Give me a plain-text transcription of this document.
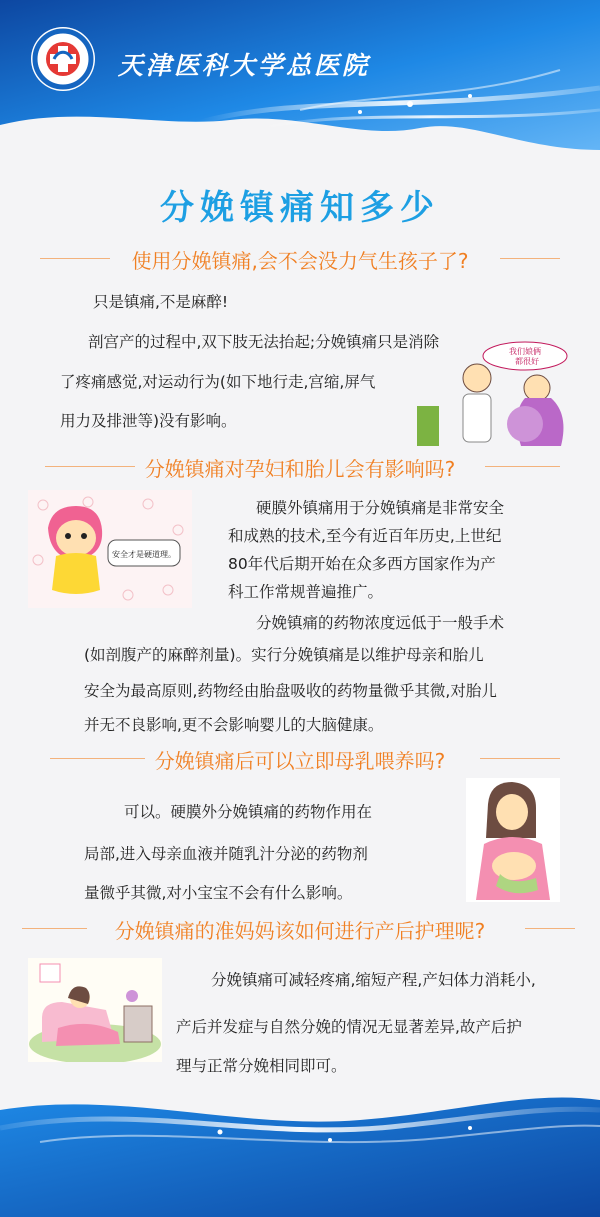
天津医科大学总医院
分娩镇痛知多少
使用分娩镇痛,会不会没力气生孩子了?
只是镇痛,不是麻醉!
剖宫产的过程中,双下肢无法抬起;分娩镇痛只是消除
了疼痛感觉,对运动行为(如下地行走,宫缩,屏气
用力及排泄等)没有影响。
我们娘俩
都很好
分娩镇痛对孕妇和胎儿会有影响吗?
安全才是硬道理。
硬膜外镇痛用于分娩镇痛是非常安全
和成熟的技术,至今有近百年历史,上世纪
80年代后期开始在众多西方国家作为产
科工作常规普遍推广。
分娩镇痛的药物浓度远低于一般手术
(如剖腹产的麻醉剂量)。实行分娩镇痛是以维护母亲和胎儿
安全为最高原则,药物经由胎盘吸收的药物量微乎其微,对胎儿
并无不良影响,更不会影响婴儿的大脑健康。
分娩镇痛后可以立即母乳喂养吗?
可以。硬膜外分娩镇痛的药物作用在
局部,进入母亲血液并随乳汁分泌的药物剂
量微乎其微,对小宝宝不会有什么影响。
分娩镇痛的准妈妈该如何进行产后护理呢?
分娩镇痛可减轻疼痛,缩短产程,产妇体力消耗小,
产后并发症与自然分娩的情况无显著差异,故产后护
理与正常分娩相同即可。
